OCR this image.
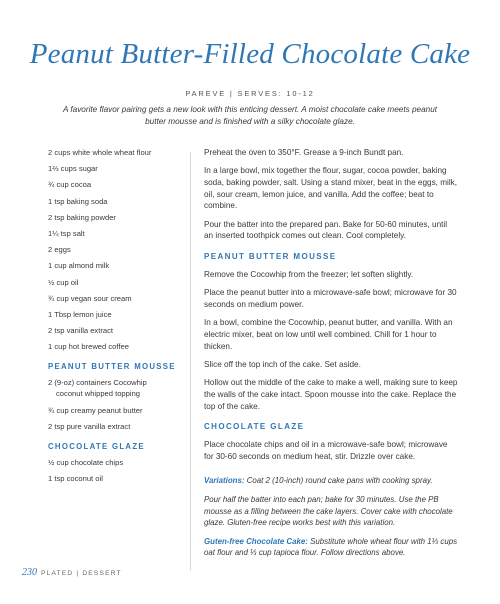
Peanut Butter-Filled Chocolate Cake
PAREVE | SERVES: 10-12
A favorite flavor pairing gets a new look with this enticing dessert. A moist chocolate cake meets peanut butter mousse and is finished with a silky chocolate glaze.
2 cups white whole wheat flour
1⅔ cups sugar
¾ cup cocoa
1 tsp baking soda
2 tsp baking powder
1¼ tsp salt
2 eggs
1 cup almond milk
½ cup oil
¾ cup vegan sour cream
1 Tbsp lemon juice
2 tsp vanilla extract
1 cup hot brewed coffee
PEANUT BUTTER MOUSSE
2 (9-oz) containers Cocowhip
coconut whipped topping
¾ cup creamy peanut butter
2 tsp pure vanilla extract
CHOCOLATE GLAZE
½ cup chocolate chips
1 tsp coconut oil

Preheat the oven to 350°F. Grease a 9-inch Bundt pan.

In a large bowl, mix together the flour, sugar, cocoa powder, baking soda, baking powder, salt. Using a stand mixer, beat in the eggs, milk, oil, sour cream, lemon juice, and vanilla. Add the coffee; beat to combine.

Pour the batter into the prepared pan. Bake for 50-60 minutes, until an inserted toothpick comes out clean. Cool completely.

PEANUT BUTTER MOUSSE

Remove the Cocowhip from the freezer; let soften slightly.

Place the peanut butter into a microwave-safe bowl; microwave for 30 seconds on medium power.

In a bowl, combine the Cocowhip, peanut butter, and vanilla. With an electric mixer, beat on low until well combined. Chill for 1 hour to thicken.

Slice off the top inch of the cake. Set aside.

Hollow out the middle of the cake to make a well, making sure to keep the walls of the cake intact. Spoon mousse into the cake. Replace the top of the cake.

CHOCOLATE GLAZE

Place chocolate chips and oil in a microwave-safe bowl; microwave for 30-60 seconds on medium heat, stir. Drizzle over cake.

Variations: Coat 2 (10-inch) round cake pans with cooking spray.

Pour half the batter into each pan; bake for 30 minutes. Use the PB mousse as a filling between the cake layers. Cover cake with chocolate glaze. Gluten-free recipe works best with this variation.

Guten-free Chocolate Cake: Substitute whole wheat flour with 1⅓ cups oat flour and ⅓ cup tapioca flour. Follow directions above.

230 PLATED | DESSERT
